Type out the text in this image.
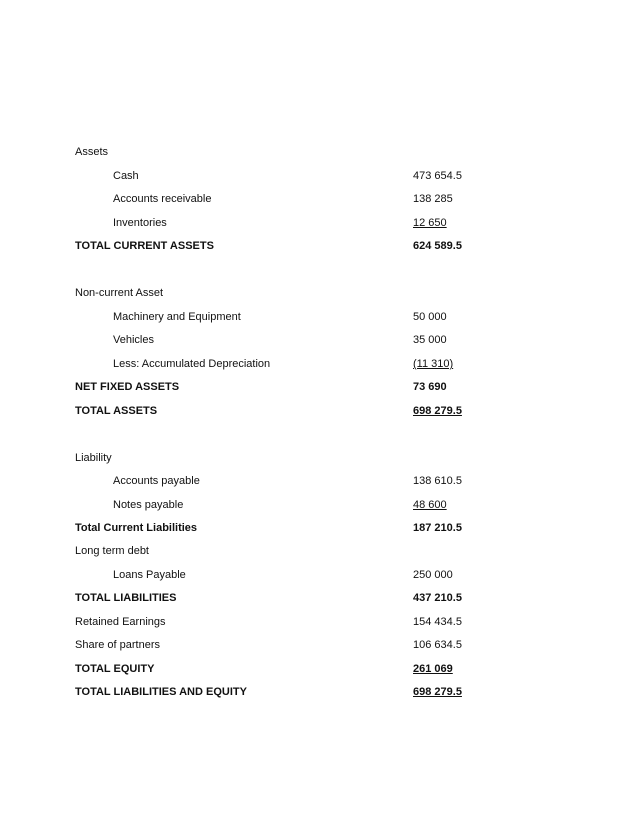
Assets
Cash	473 654.5
Accounts receivable	138 285
Inventories	12 650
TOTAL CURRENT ASSETS	624 589.5
Non-current Asset
Machinery and Equipment	50 000
Vehicles	35 000
Less: Accumulated Depreciation	(11 310)
NET FIXED ASSETS	73 690
TOTAL ASSETS	698 279.5
Liability
Accounts payable	138 610.5
Notes payable	48 600
Total Current Liabilities	187 210.5
Long term debt
Loans Payable	250 000
TOTAL LIABILITIES	437 210.5
Retained Earnings	154 434.5
Share of partners	106 634.5
TOTAL EQUITY	261 069
TOTAL LIABILITIES AND EQUITY	698 279.5
